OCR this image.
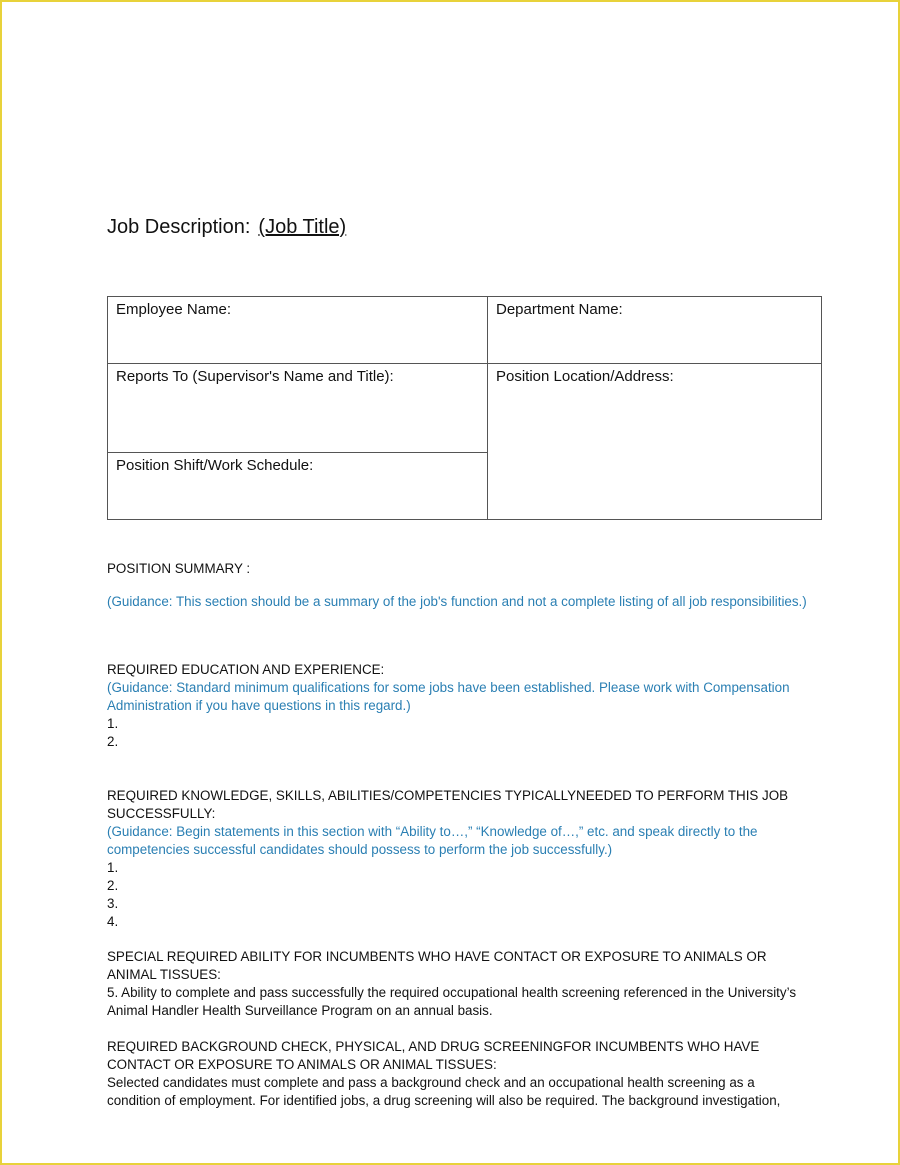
Job Description: (Job Title)
Employee Name:	Department Name:
Reports To (Supervisor's Name and Title):	Position Location/Address:
Position Shift/Work Schedule:	
POSITION SUMMARY :
(Guidance: This section should be a summary of the job's function and not a complete listing of all job responsibilities.)
REQUIRED EDUCATION AND EXPERIENCE:
(Guidance: Standard minimum qualifications for some jobs have been established. Please work with Compensation Administration if you have questions in this regard.)
1.
2.
REQUIRED KNOWLEDGE, SKILLS, ABILITIES/COMPETENCIES TYPICALLYNEEDED TO PERFORM THIS JOB SUCCESSFULLY:
(Guidance: Begin statements in this section with “Ability to…,” “Knowledge of…,” etc. and speak directly to the competencies successful candidates should possess to perform the job successfully.)
1.
2.
3.
4.
SPECIAL REQUIRED ABILITY FOR INCUMBENTS WHO HAVE CONTACT OR EXPOSURE TO ANIMALS OR ANIMAL TISSUES:
5. Ability to complete and pass successfully the required occupational health screening referenced in the University’s Animal Handler Health Surveillance Program on an annual basis.
REQUIRED BACKGROUND CHECK, PHYSICAL, AND DRUG SCREENINGFOR INCUMBENTS WHO HAVE CONTACT OR EXPOSURE TO ANIMALS OR ANIMAL TISSUES:
Selected candidates must complete and pass a background check and an occupational health screening as a condition of employment. For identified jobs, a drug screening will also be required. The background investigation,
